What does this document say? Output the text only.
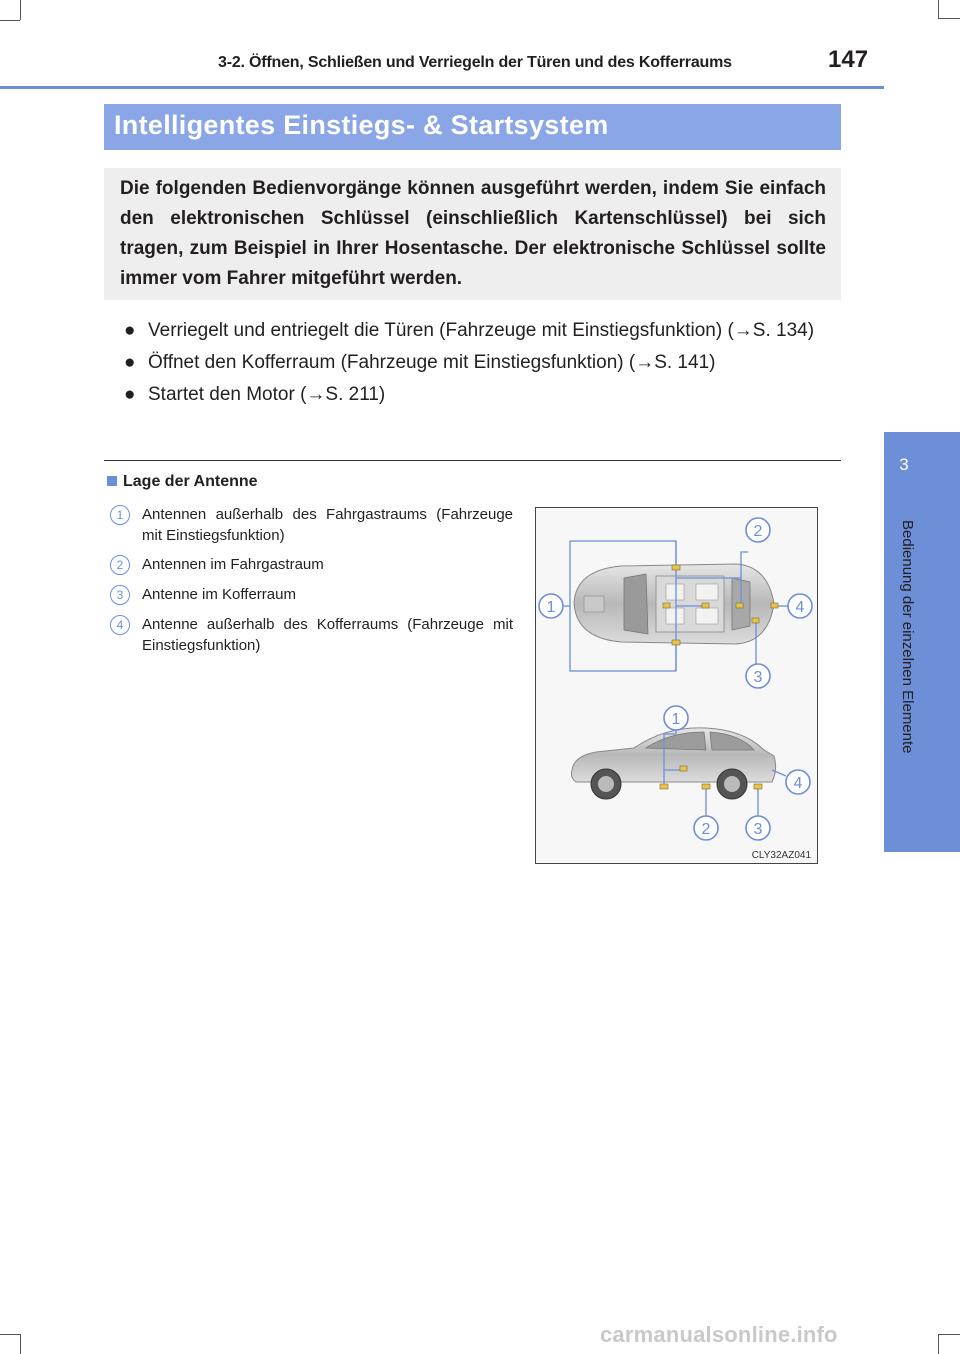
3-2. Öffnen, Schließen und Verriegeln der Türen und des Kofferraums	147
3
Bedienung der einzelnen Elemente
Intelligentes Einstiegs- & Startsystem
Die folgenden Bedienvorgänge können ausgeführt werden, indem Sie einfach den elektronischen Schlüssel (einschließlich Kartenschlüssel) bei sich tragen, zum Beispiel in Ihrer Hosentasche. Der elektronische Schlüssel sollte immer vom Fahrer mitgeführt werden.
● Verriegelt und entriegelt die Türen (Fahrzeuge mit Einstiegsfunktion) (→S. 134)
● Öffnet den Kofferraum (Fahrzeuge mit Einstiegsfunktion) (→S. 141)
● Startet den Motor (→S. 211)
Lage der Antenne
1	Antennen außerhalb des Fahrgastraums (Fahrzeuge mit Einstiegsfunktion)
2	Antennen im Fahrgastraum
3	Antenne im Kofferraum
4	Antenne außerhalb des Kofferraums (Fahrzeuge mit Einstiegsfunktion)
1
2
4
3
1
4
2	3
CLY32AZ041
carmanualsonline.info
